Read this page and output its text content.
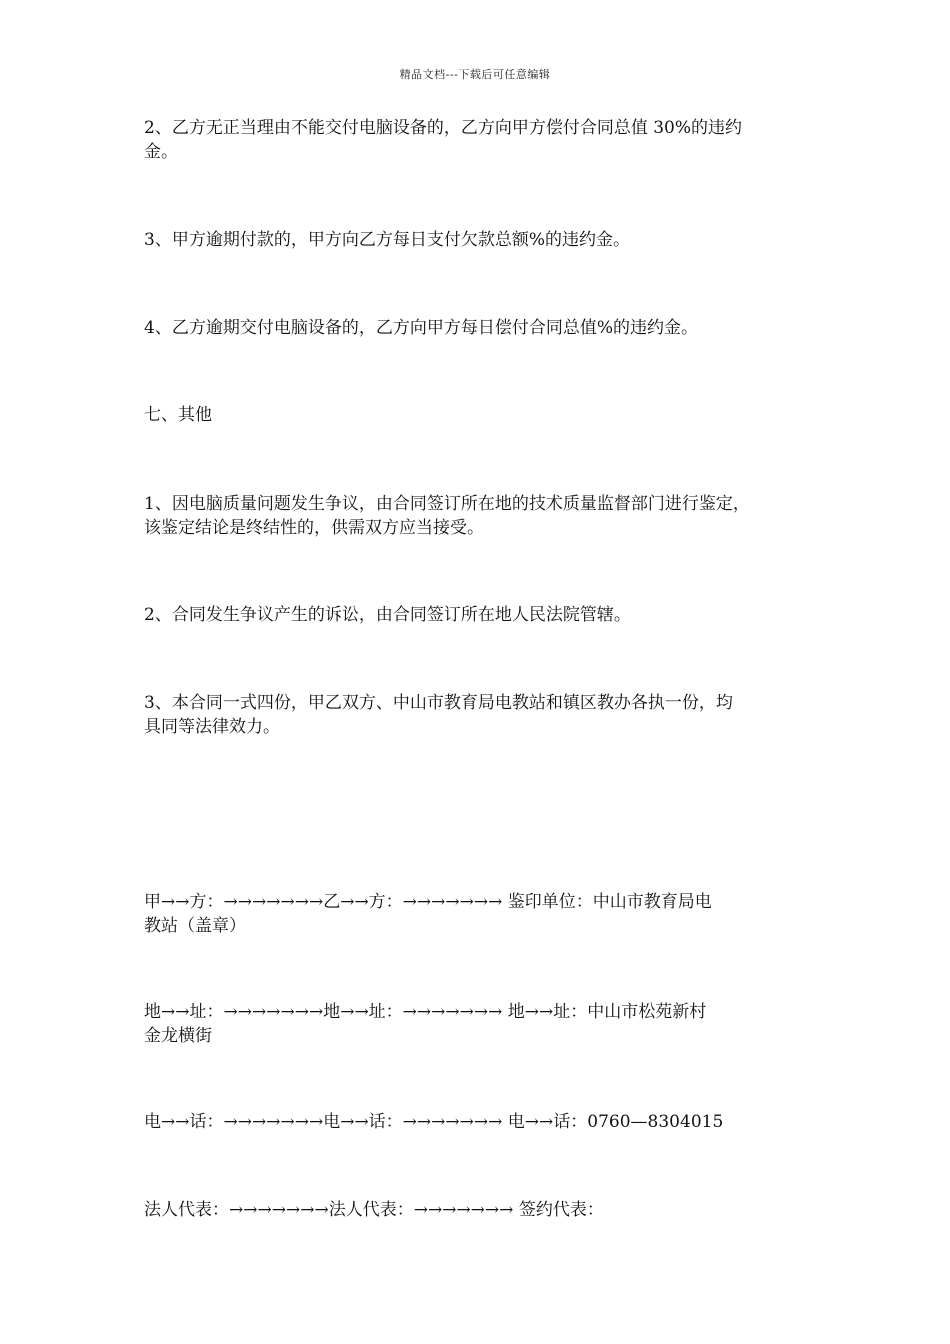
精品文档---下载后可任意编辑

2、乙方无正当理由不能交付电脑设备的，乙方向甲方偿付合同总值 30%的违约
金。

3、甲方逾期付款的，甲方向乙方每日支付欠款总额%的违约金。

4、乙方逾期交付电脑设备的，乙方向甲方每日偿付合同总值%的违约金。

七、其他

1、因电脑质量问题发生争议，由合同签订所在地的技术质量监督部门进行鉴定，
该鉴定结论是终结性的，供需双方应当接受。

2、合同发生争议产生的诉讼，由合同签订所在地人民法院管辖。

3、本合同一式四份，甲乙双方、中山市教育局电教站和镇区教办各执一份，均
具同等法律效力。

甲→→方：→→→→→→→乙→→方：→→→→→→→ 鉴印单位：中山市教育局电
教站（盖章）

地→→址：→→→→→→→地→→址：→→→→→→→ 地→→址：中山市松苑新村
金龙横街

电→→话：→→→→→→→电→→话：→→→→→→→ 电→→话：0760—8304015

法人代表：→→→→→→→法人代表：→→→→→→→ 签约代表：
